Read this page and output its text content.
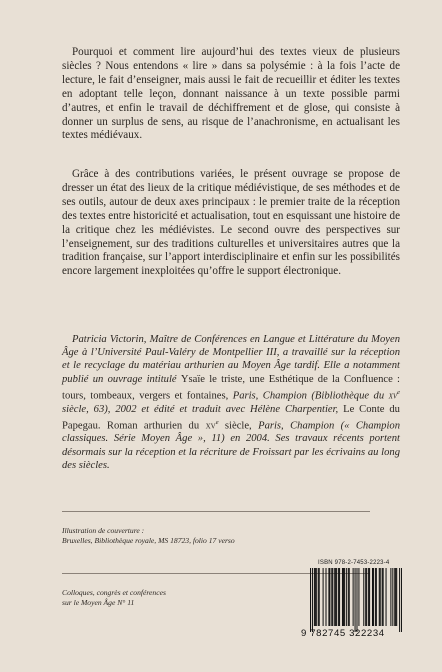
Pourquoi et comment lire aujourd’hui des textes vieux de plusieurs siècles ? Nous entendons « lire » dans sa polysémie : à la fois l’acte de lecture, le fait d’enseigner, mais aussi le fait de recueillir et éditer les textes en adoptant telle leçon, donnant naissance à un texte possible parmi d’autres, et enfin le travail de déchiffrement et de glose, qui consiste à donner un surplus de sens, au risque de l’anachronisme, en actualisant les textes médiévaux.

Grâce à des contributions variées, le présent ouvrage se propose de dresser un état des lieux de la critique médiévistique, de ses méthodes et de ses outils, autour de deux axes principaux : le premier traite de la réception des textes entre historicité et actualisation, tout en esquissant une histoire de la critique chez les médiévistes. Le second ouvre des perspectives sur l’enseignement, sur des traditions culturelles et universitaires autres que la tradition française, sur l’apport interdisciplinaire et enfin sur les possibilités encore largement inexploitées qu’offre le support électronique.

Patricia Victorin, Maître de Conférences en Langue et Littérature du Moyen Âge à l’Université Paul-Valéry de Montpellier III, a travaillé sur la réception et le recyclage du matériau arthurien au Moyen Âge tardif. Elle a notamment publié un ouvrage intitulé Ysaïe le triste, une Esthétique de la Confluence : tours, tombeaux, vergers et fontaines, Paris, Champion (Bibliothèque du $xv^e$ siècle, 63), 2002 et édité et traduit avec Hélène Charpentier, Le Conte du Papegau. Roman arthurien du $xv^e$ siècle, Paris, Champion (« Champion classiques. Série Moyen Âge », 11) en 2004. Ses travaux récents portent désormais sur la réception et la récriture de Froissart par les écrivains au long des siècles.

Illustration de couverture :
Bruxelles, Bibliothèque royale, MS 18723, folio 17 verso
ISBN 978-2-7453-2223-4
Colloques, congrès et conférences
sur le Moyen Âge N° 11
9 782745 322234
